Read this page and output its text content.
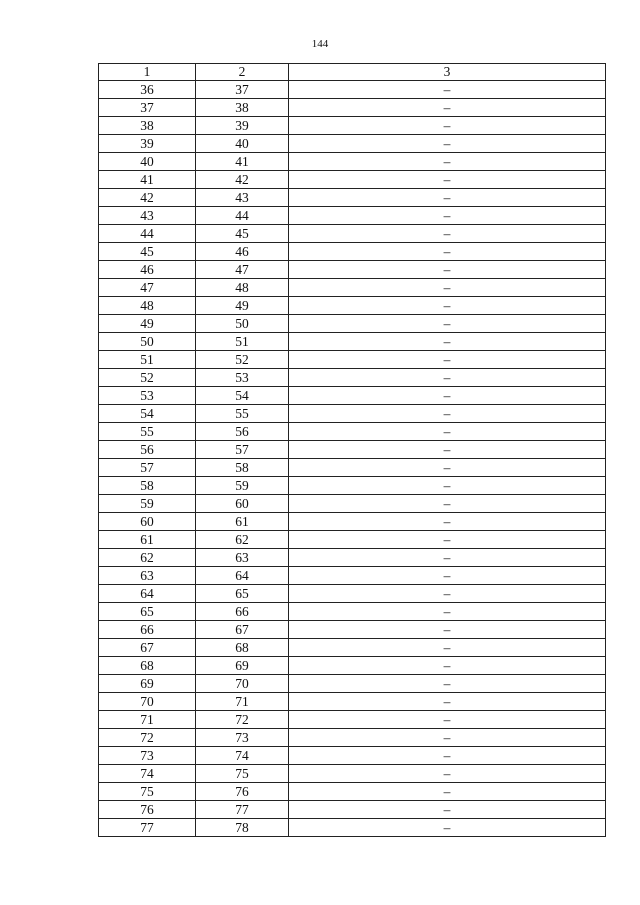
144
1	2	3
36	37	–
37	38	–
38	39	–
39	40	–
40	41	–
41	42	–
42	43	–
43	44	–
44	45	–
45	46	–
46	47	–
47	48	–
48	49	–
49	50	–
50	51	–
51	52	–
52	53	–
53	54	–
54	55	–
55	56	–
56	57	–
57	58	–
58	59	–
59	60	–
60	61	–
61	62	–
62	63	–
63	64	–
64	65	–
65	66	–
66	67	–
67	68	–
68	69	–
69	70	–
70	71	–
71	72	–
72	73	–
73	74	–
74	75	–
75	76	–
76	77	–
77	78	–
